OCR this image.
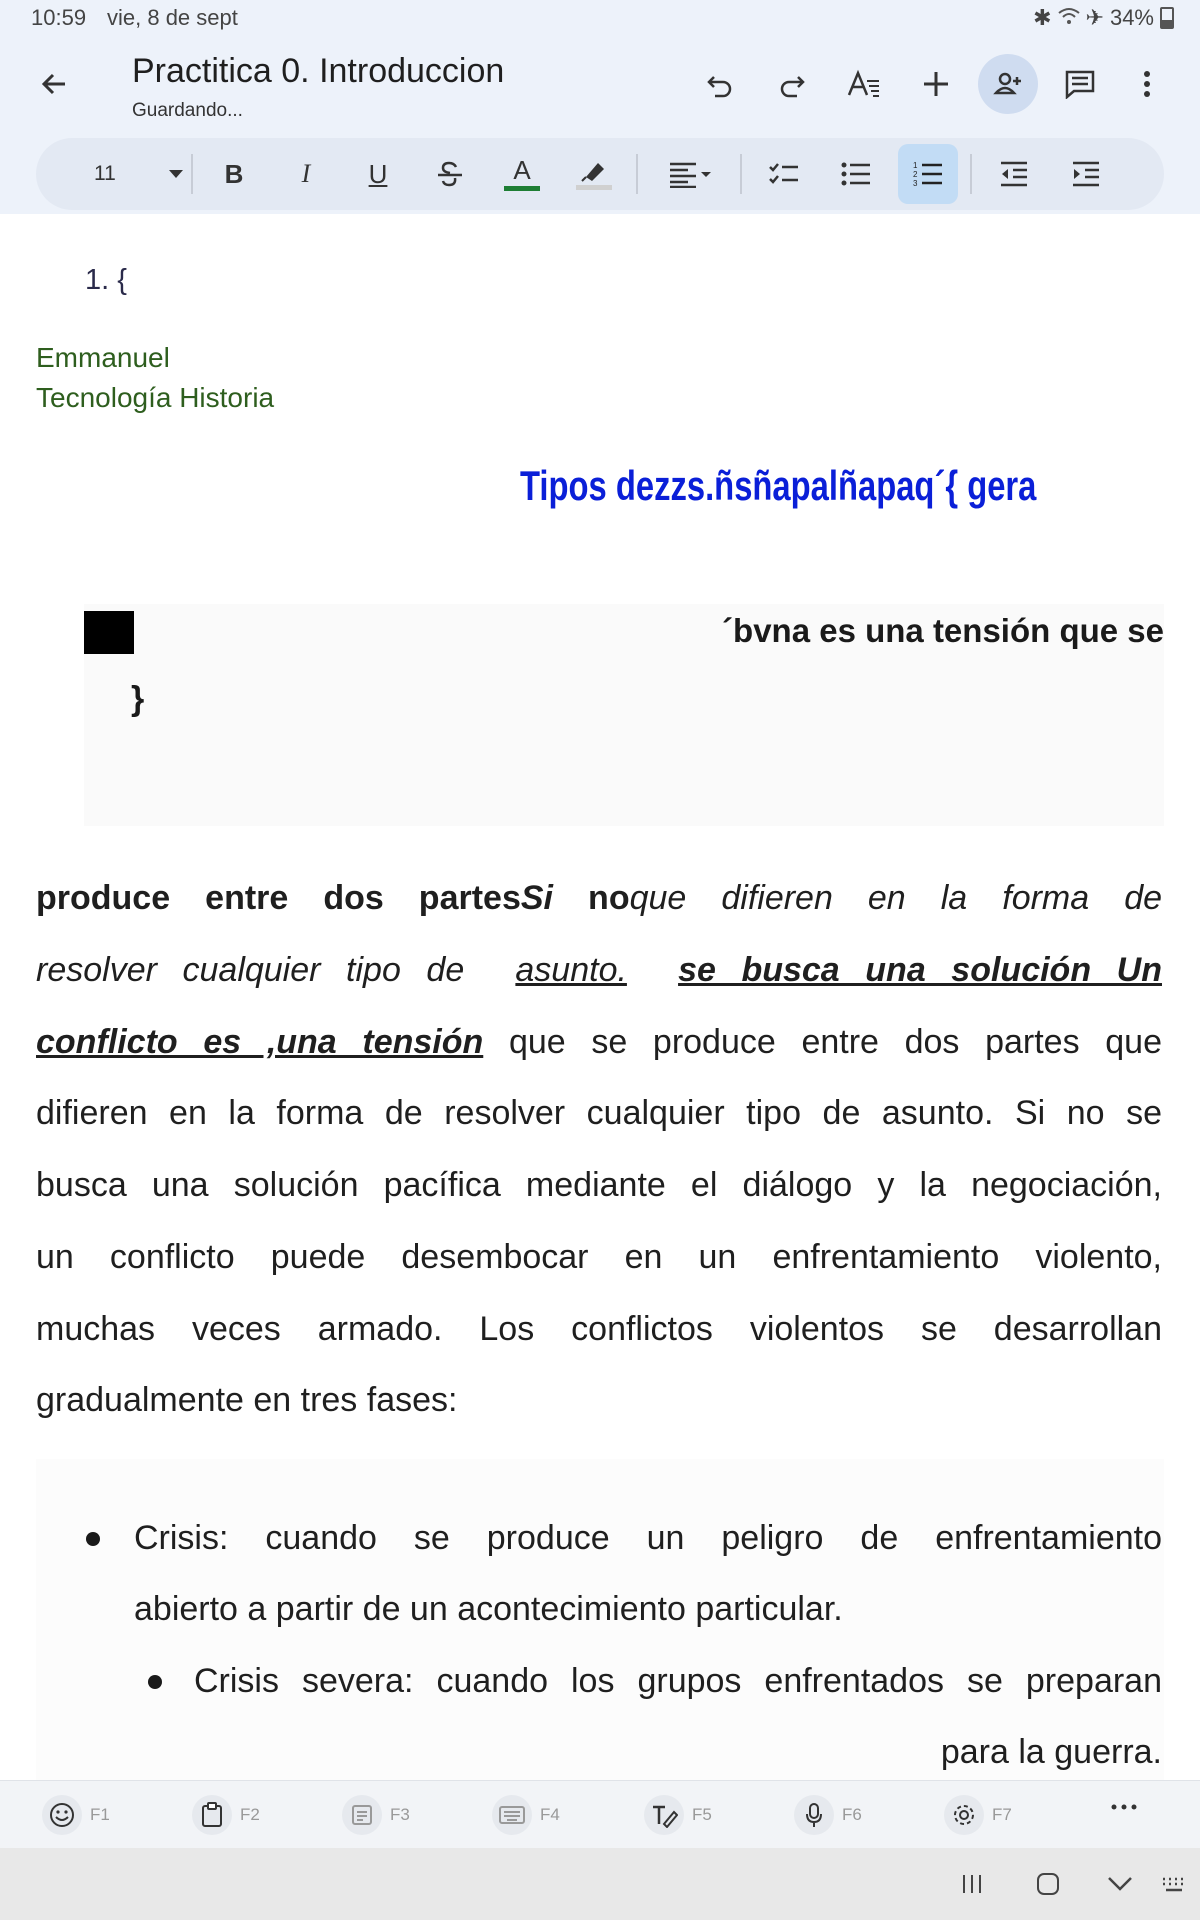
10:59 vie, 8 de sept	✱ ✈ 34%
Practitica 0. Introduccion
Guardando...
11	B I U	A	1
2
3
1. {
Emmanuel
Tecnología Historia
Tipos dezzs.ñsñapalñapaq´{ gera
´bvna es una tensión que se
}
produce entre dos partesSi noque difieren en la forma de
resolver cualquier tipo de asunto. se busca una solución Un
conflicto es ,una tensión que se produce entre dos partes que
difieren en la forma de resolver cualquier tipo de asunto. Si no se
busca una solución pacífica mediante el diálogo y la negociación,
un conflicto puede desembocar en un enfrentamiento violento,
muchas veces armado. Los conflictos violentos se desarrollan
gradualmente en tres fases:
Crisis: cuando se produce un peligro de enfrentamiento
abierto a partir de un acontecimiento particular.
Crisis severa: cuando los grupos enfrentados se preparan
para la guerra.
F1	F2	F3	F4	F5	F6	F7
